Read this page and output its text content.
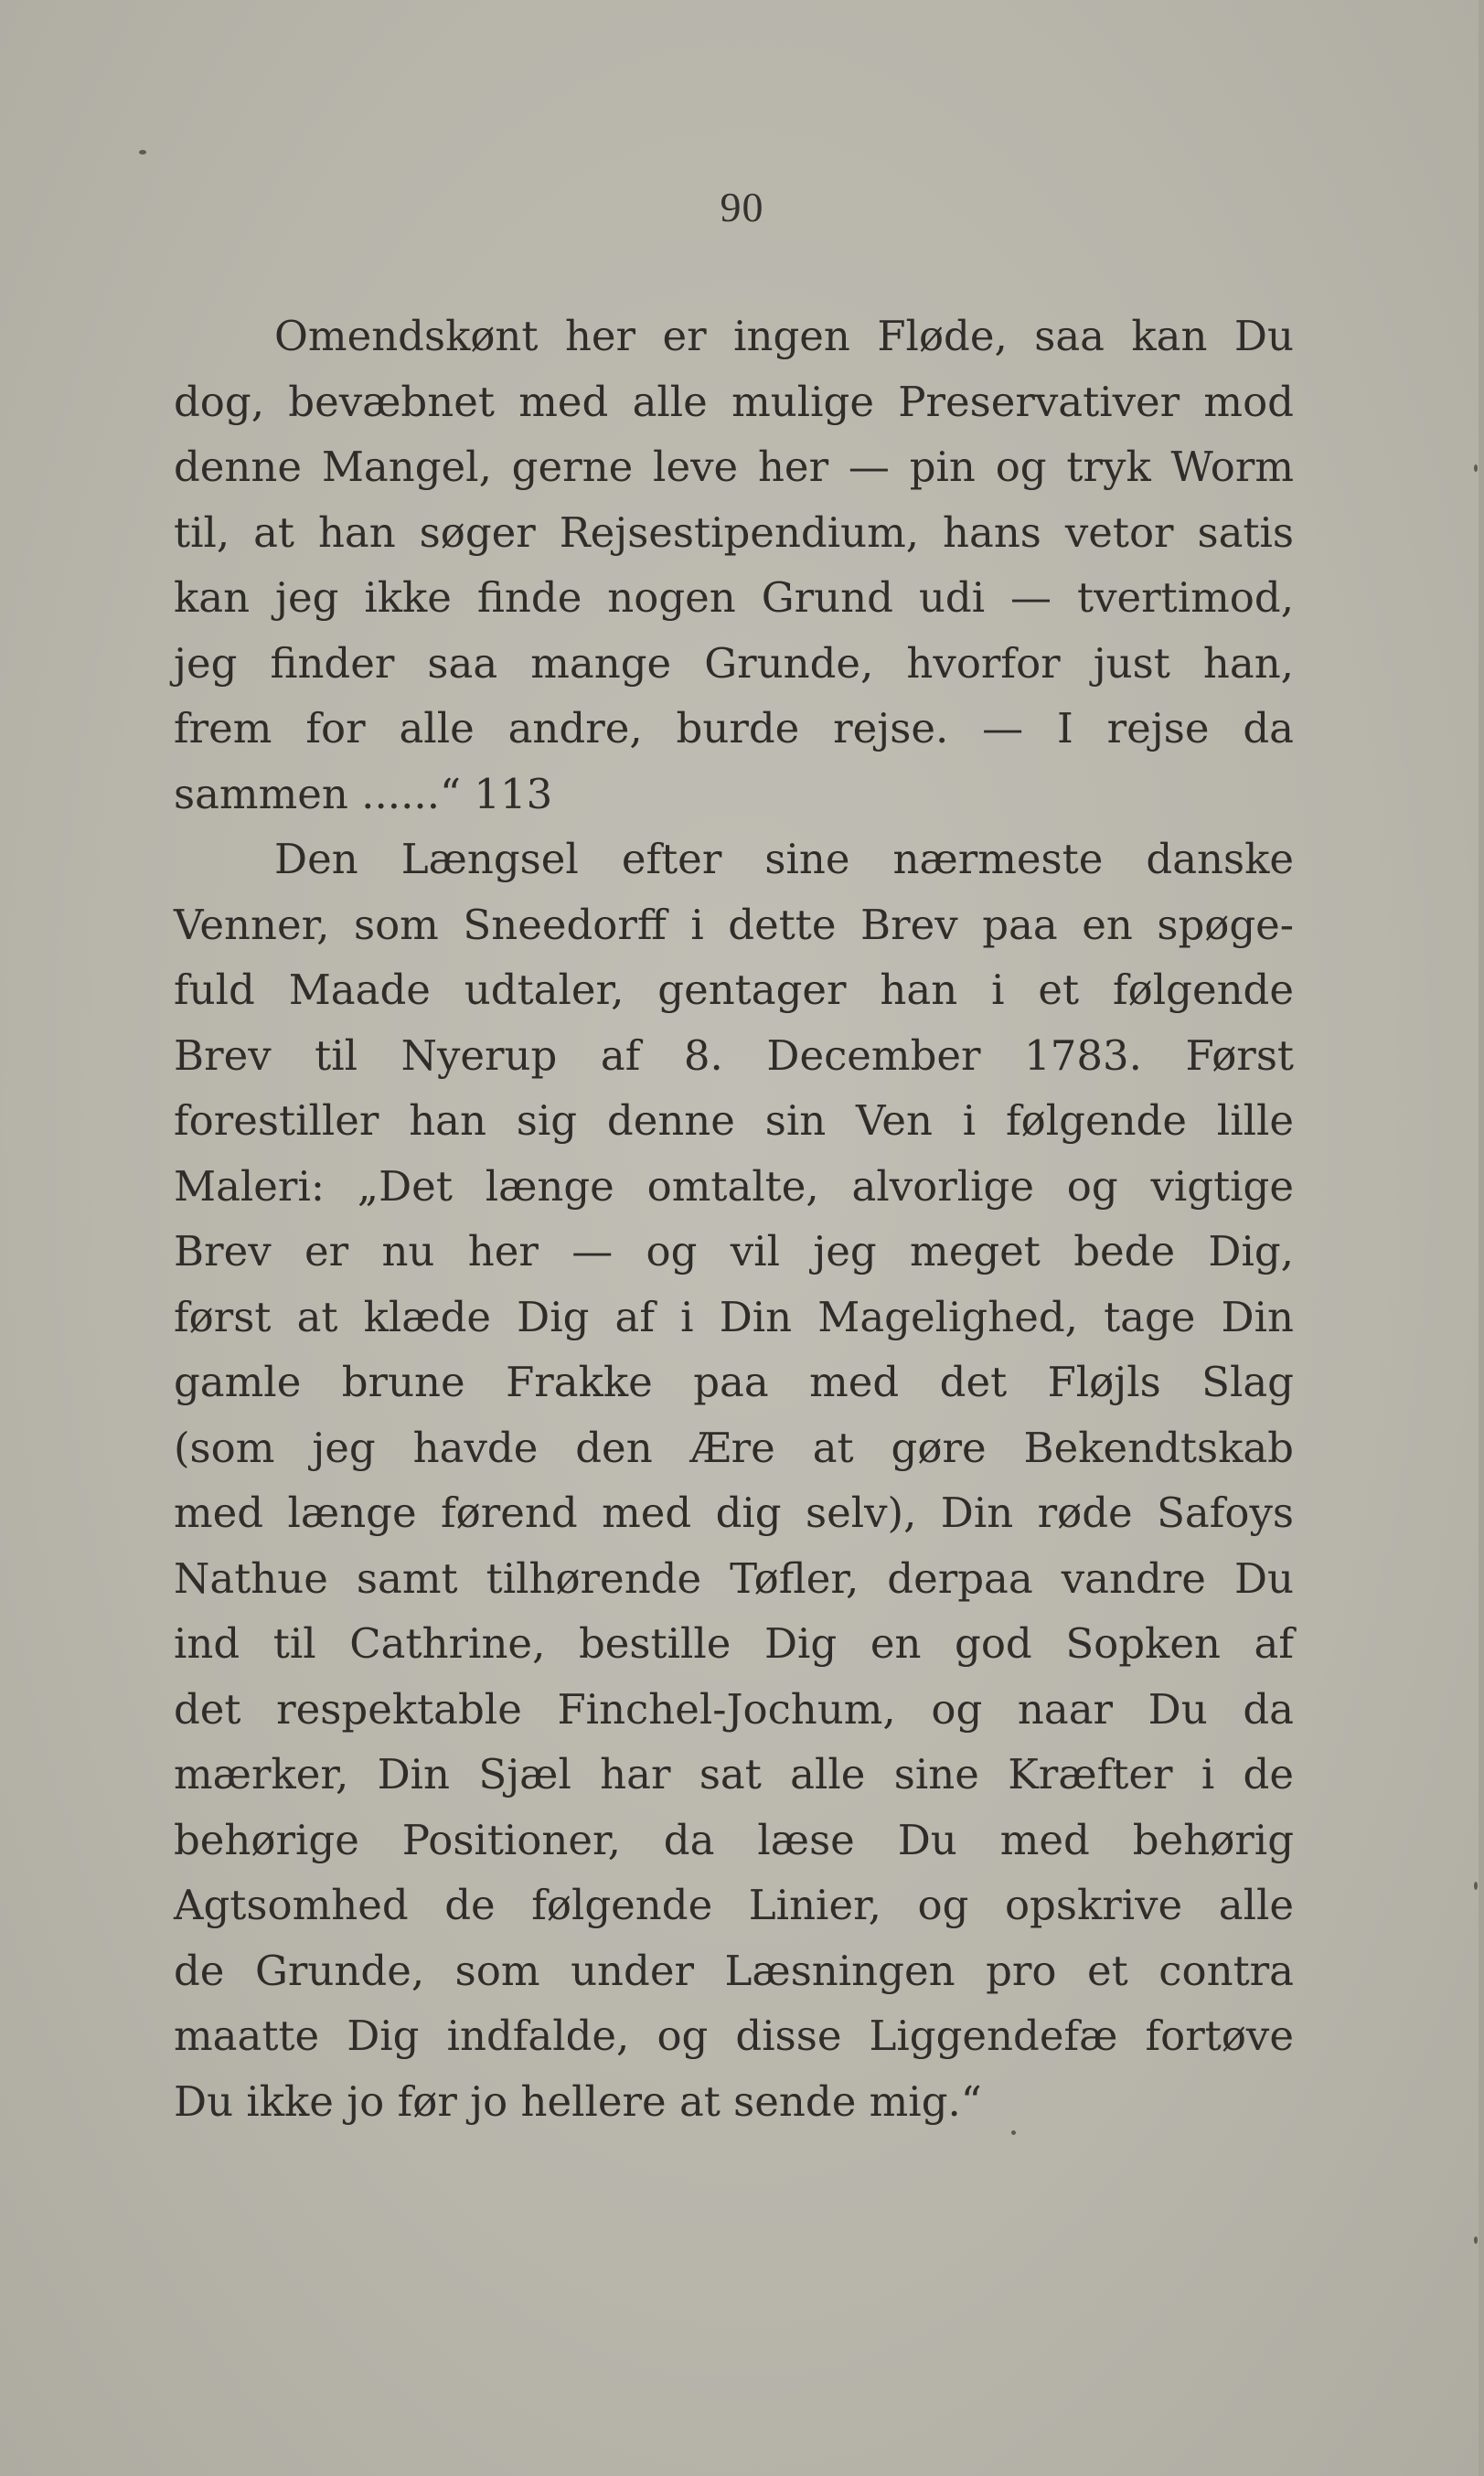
90
Omendskønt her er ingen Fløde, saa kan Du
dog, bevæbnet med alle mulige Preservativer mod
denne Mangel, gerne leve her — pin og tryk Worm
til, at han søger Rejsestipendium, hans vetor satis
kan jeg ikke finde nogen Grund udi — tvertimod,
jeg finder saa mange Grunde, hvorfor just han,
frem for alle andre, burde rejse. — I rejse da
sammen ......“ 113
Den Længsel efter sine nærmeste danske
Venner, som Sneedorff i dette Brev paa en spøge-
fuld Maade udtaler, gentager han i et følgende
Brev til Nyerup af 8. December 1783. Først
forestiller han sig denne sin Ven i følgende lille
Maleri: „Det længe omtalte, alvorlige og vigtige
Brev er nu her — og vil jeg meget bede Dig,
først at klæde Dig af i Din Magelighed, tage Din
gamle brune Frakke paa med det Fløjls Slag
(som jeg havde den Ære at gøre Bekendtskab
med længe førend med dig selv), Din røde Safoys
Nathue samt tilhørende Tøfler, derpaa vandre Du
ind til Cathrine, bestille Dig en god Sopken af
det respektable Finchel-Jochum, og naar Du da
mærker, Din Sjæl har sat alle sine Kræfter i de
behørige Positioner, da læse Du med behørig
Agtsomhed de følgende Linier, og opskrive alle
de Grunde, som under Læsningen pro et contra
maatte Dig indfalde, og disse Liggendefæ fortøve
Du ikke jo før jo hellere at sende mig.“
